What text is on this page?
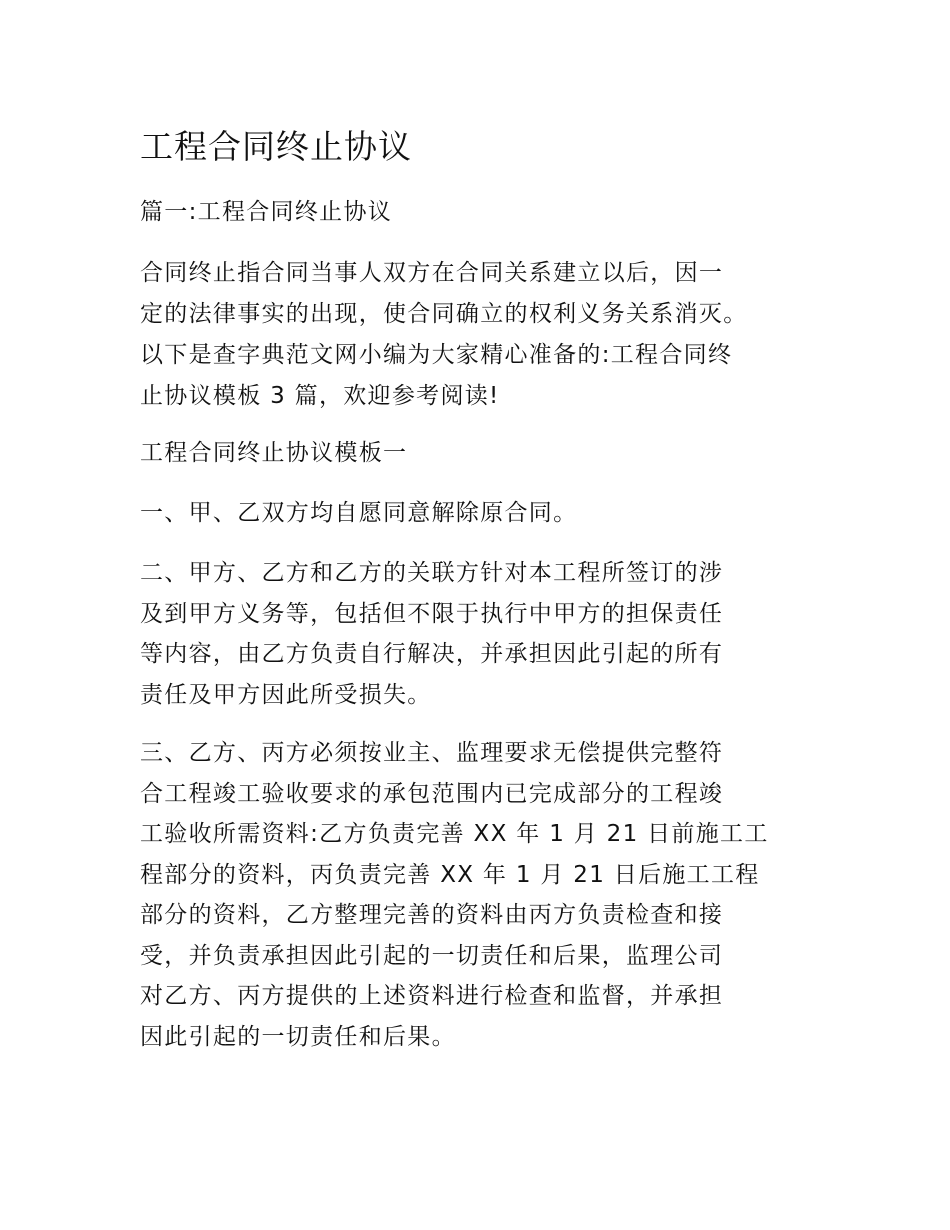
工程合同终止协议

篇一:工程合同终止协议

合同终止指合同当事人双方在合同关系建立以后，因一

定的法律事实的出现，使合同确立的权利义务关系消灭。

以下是查字典范文网小编为大家精心准备的:工程合同终

止协议模板 3 篇，欢迎参考阅读!

工程合同终止协议模板一

一、甲、乙双方均自愿同意解除原合同。

二、甲方、乙方和乙方的关联方针对本工程所签订的涉

及到甲方义务等，包括但不限于执行中甲方的担保责任

等内容，由乙方负责自行解决，并承担因此引起的所有

责任及甲方因此所受损失。

三、乙方、丙方必须按业主、监理要求无偿提供完整符

合工程竣工验收要求的承包范围内已完成部分的工程竣

工验收所需资料:乙方负责完善 XX 年 1 月 21 日前施工工

程部分的资料，丙负责完善 XX 年 1 月 21 日后施工工程

部分的资料，乙方整理完善的资料由丙方负责检查和接

受，并负责承担因此引起的一切责任和后果，监理公司

对乙方、丙方提供的上述资料进行检查和监督，并承担

因此引起的一切责任和后果。
